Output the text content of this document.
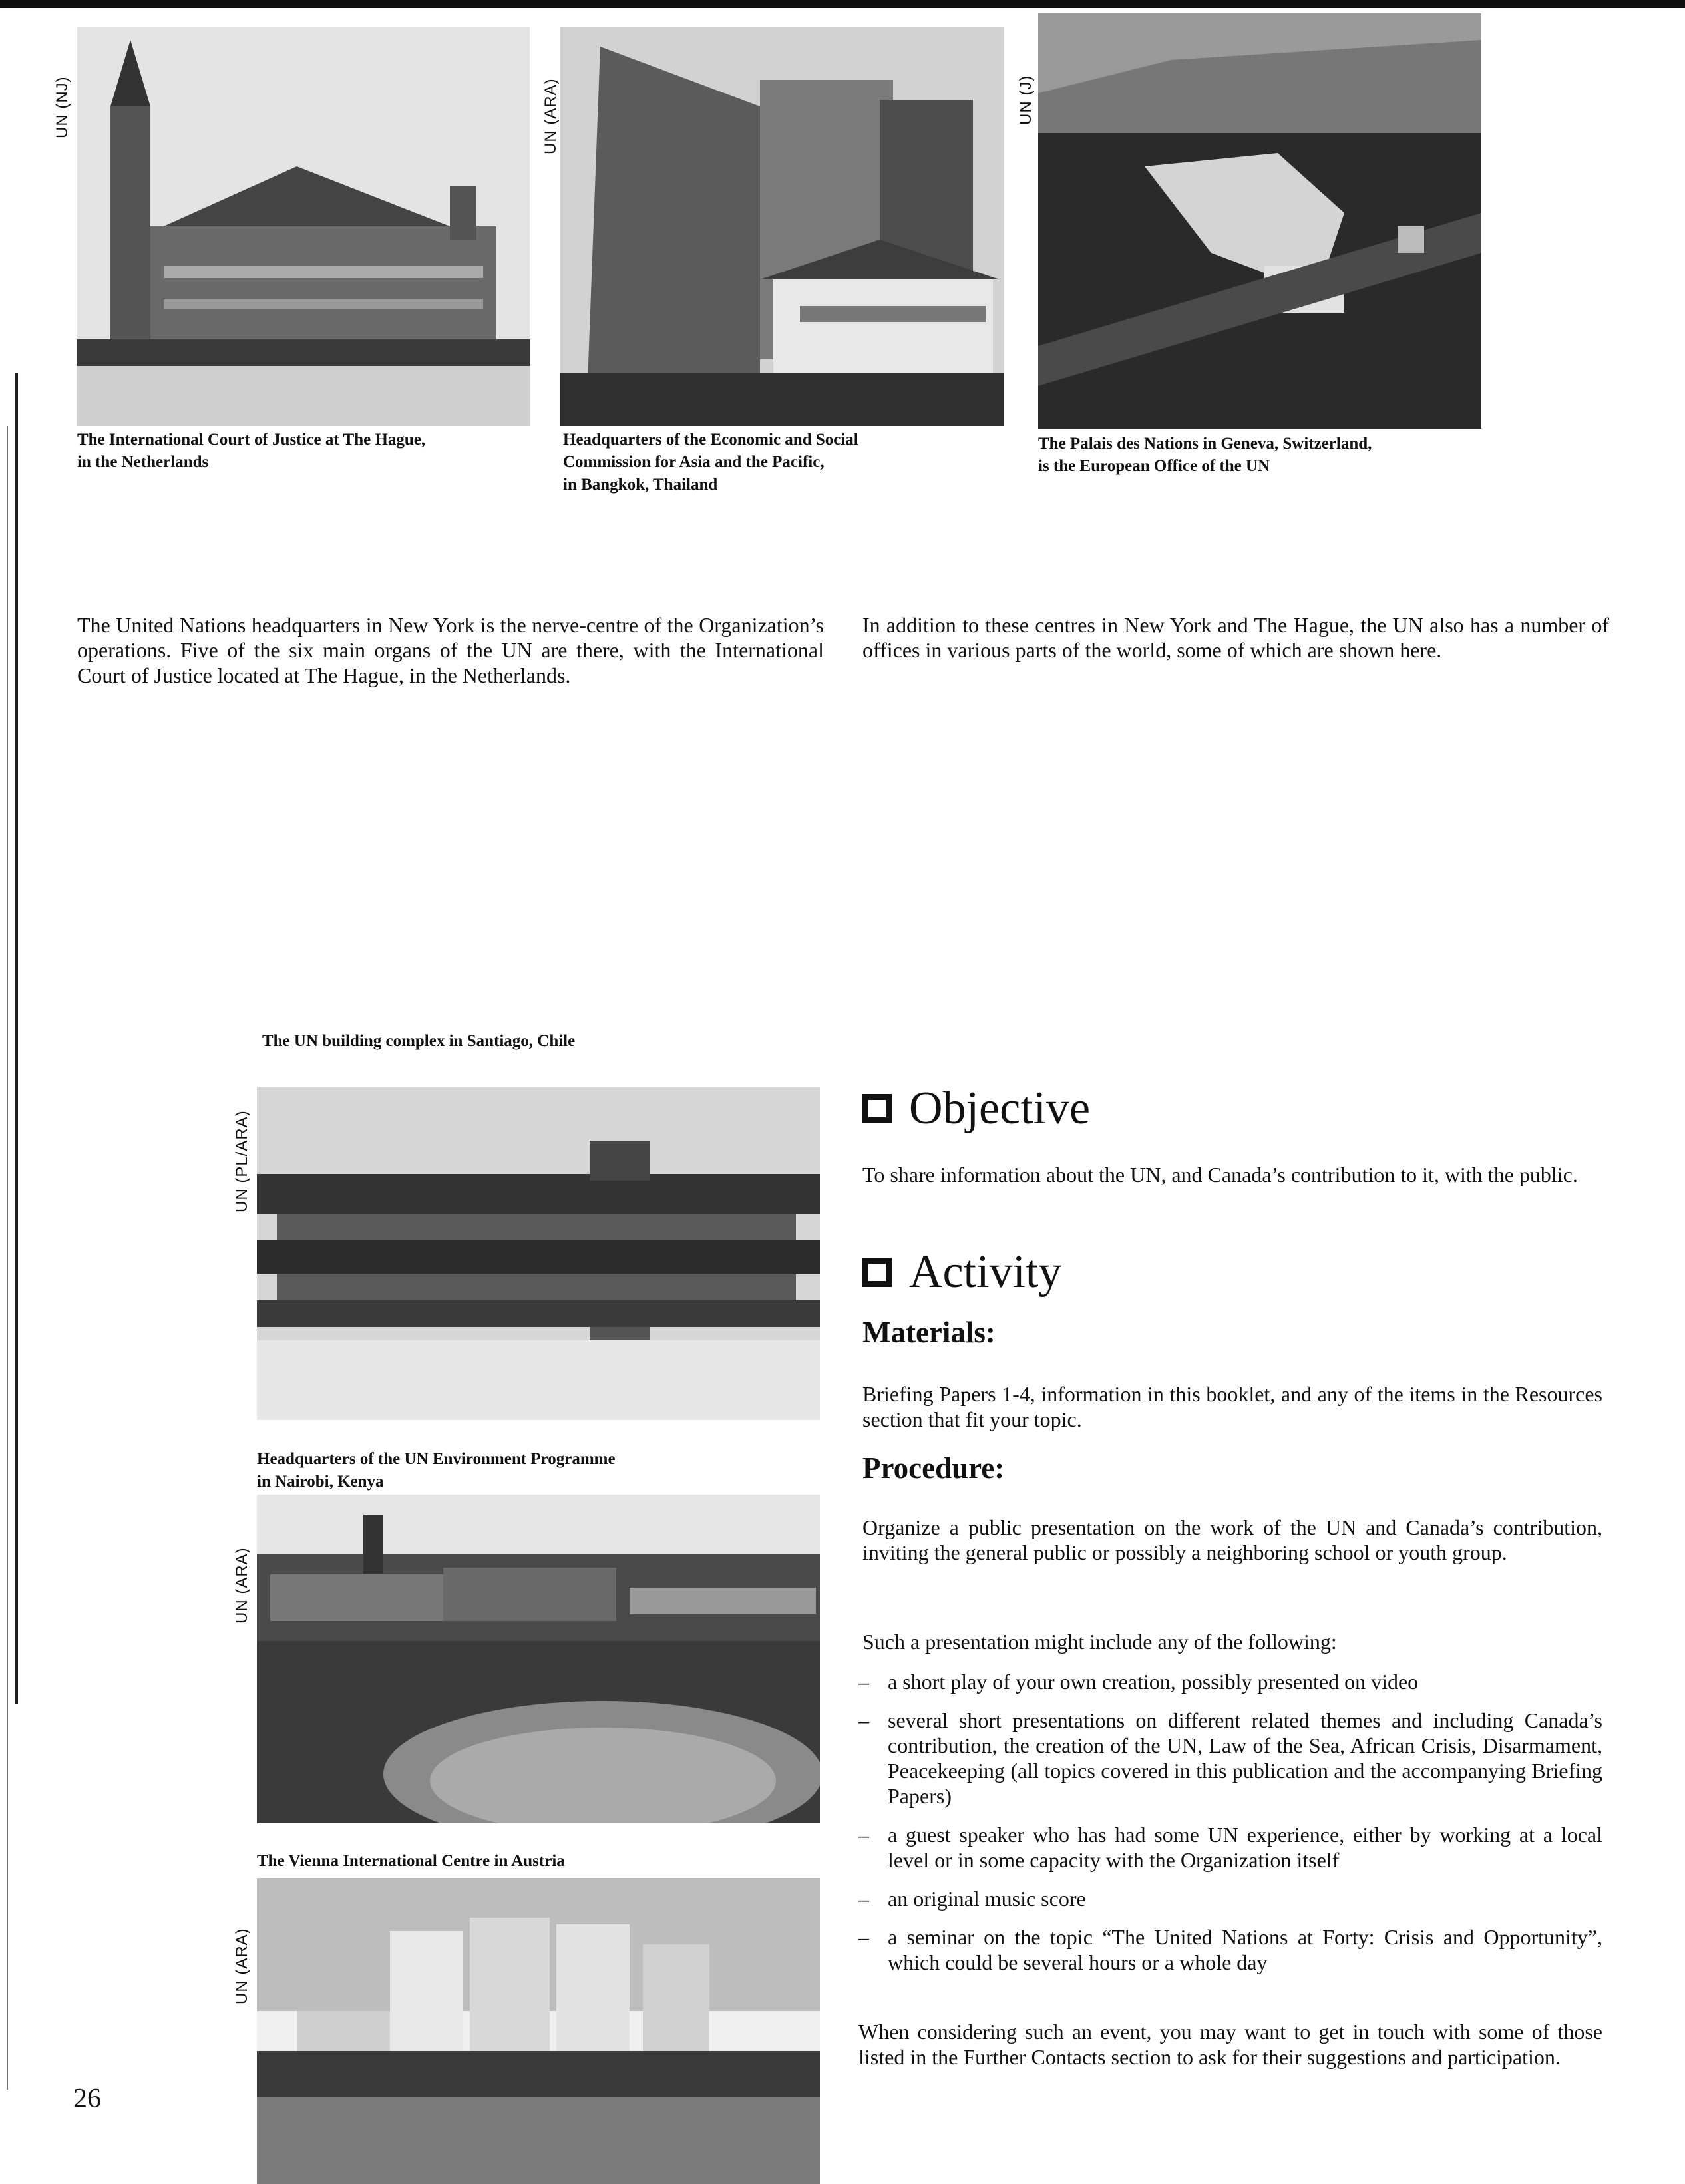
UN (NJ)
The International Court of Justice at The Hague,
in the Netherlands
UN (ARA)
Headquarters of the Economic and Social
Commission for Asia and the Pacific,
in Bangkok, Thailand
UN (J)
The Palais des Nations in Geneva, Switzerland,
is the European Office of the UN
The United Nations headquarters in New York is the nerve-centre of the Organization’s operations. Five of the six main organs of the UN are there, with the International Court of Justice located at The Hague, in the Netherlands.
In addition to these centres in New York and The Hague, the UN also has a number of offices in various parts of the world, some of which are shown here.
The UN building complex in Santiago, Chile
UN (PL/ARA)
Headquarters of the UN Environment Programme
in Nairobi, Kenya
UN (ARA)
The Vienna International Centre in Austria
UN (ARA)
Objective
To share information about the UN, and Canada’s contribution to it, with the public.
Activity
Materials:
Briefing Papers 1-4, information in this booklet, and any of the items in the Resources section that fit your topic.
Procedure:
Organize a public presentation on the work of the UN and Canada’s contribution, inviting the general public or possibly a neighboring school or youth group.
Such a presentation might include any of the following:
– a short play of your own creation, possibly presented on video
– several short presentations on different related themes and including Canada’s contribution, the creation of the UN, Law of the Sea, African Crisis, Disarmament, Peacekeeping (all topics covered in this publication and the accompanying Briefing Papers)
– a guest speaker who has had some UN experience, either by working at a local level or in some capacity with the Organization itself
– an original music score
– a seminar on the topic “The United Nations at Forty: Crisis and Opportunity”, which could be several hours or a whole day
When considering such an event, you may want to get in touch with some of those listed in the Further Contacts section to ask for their suggestions and participation.
26
